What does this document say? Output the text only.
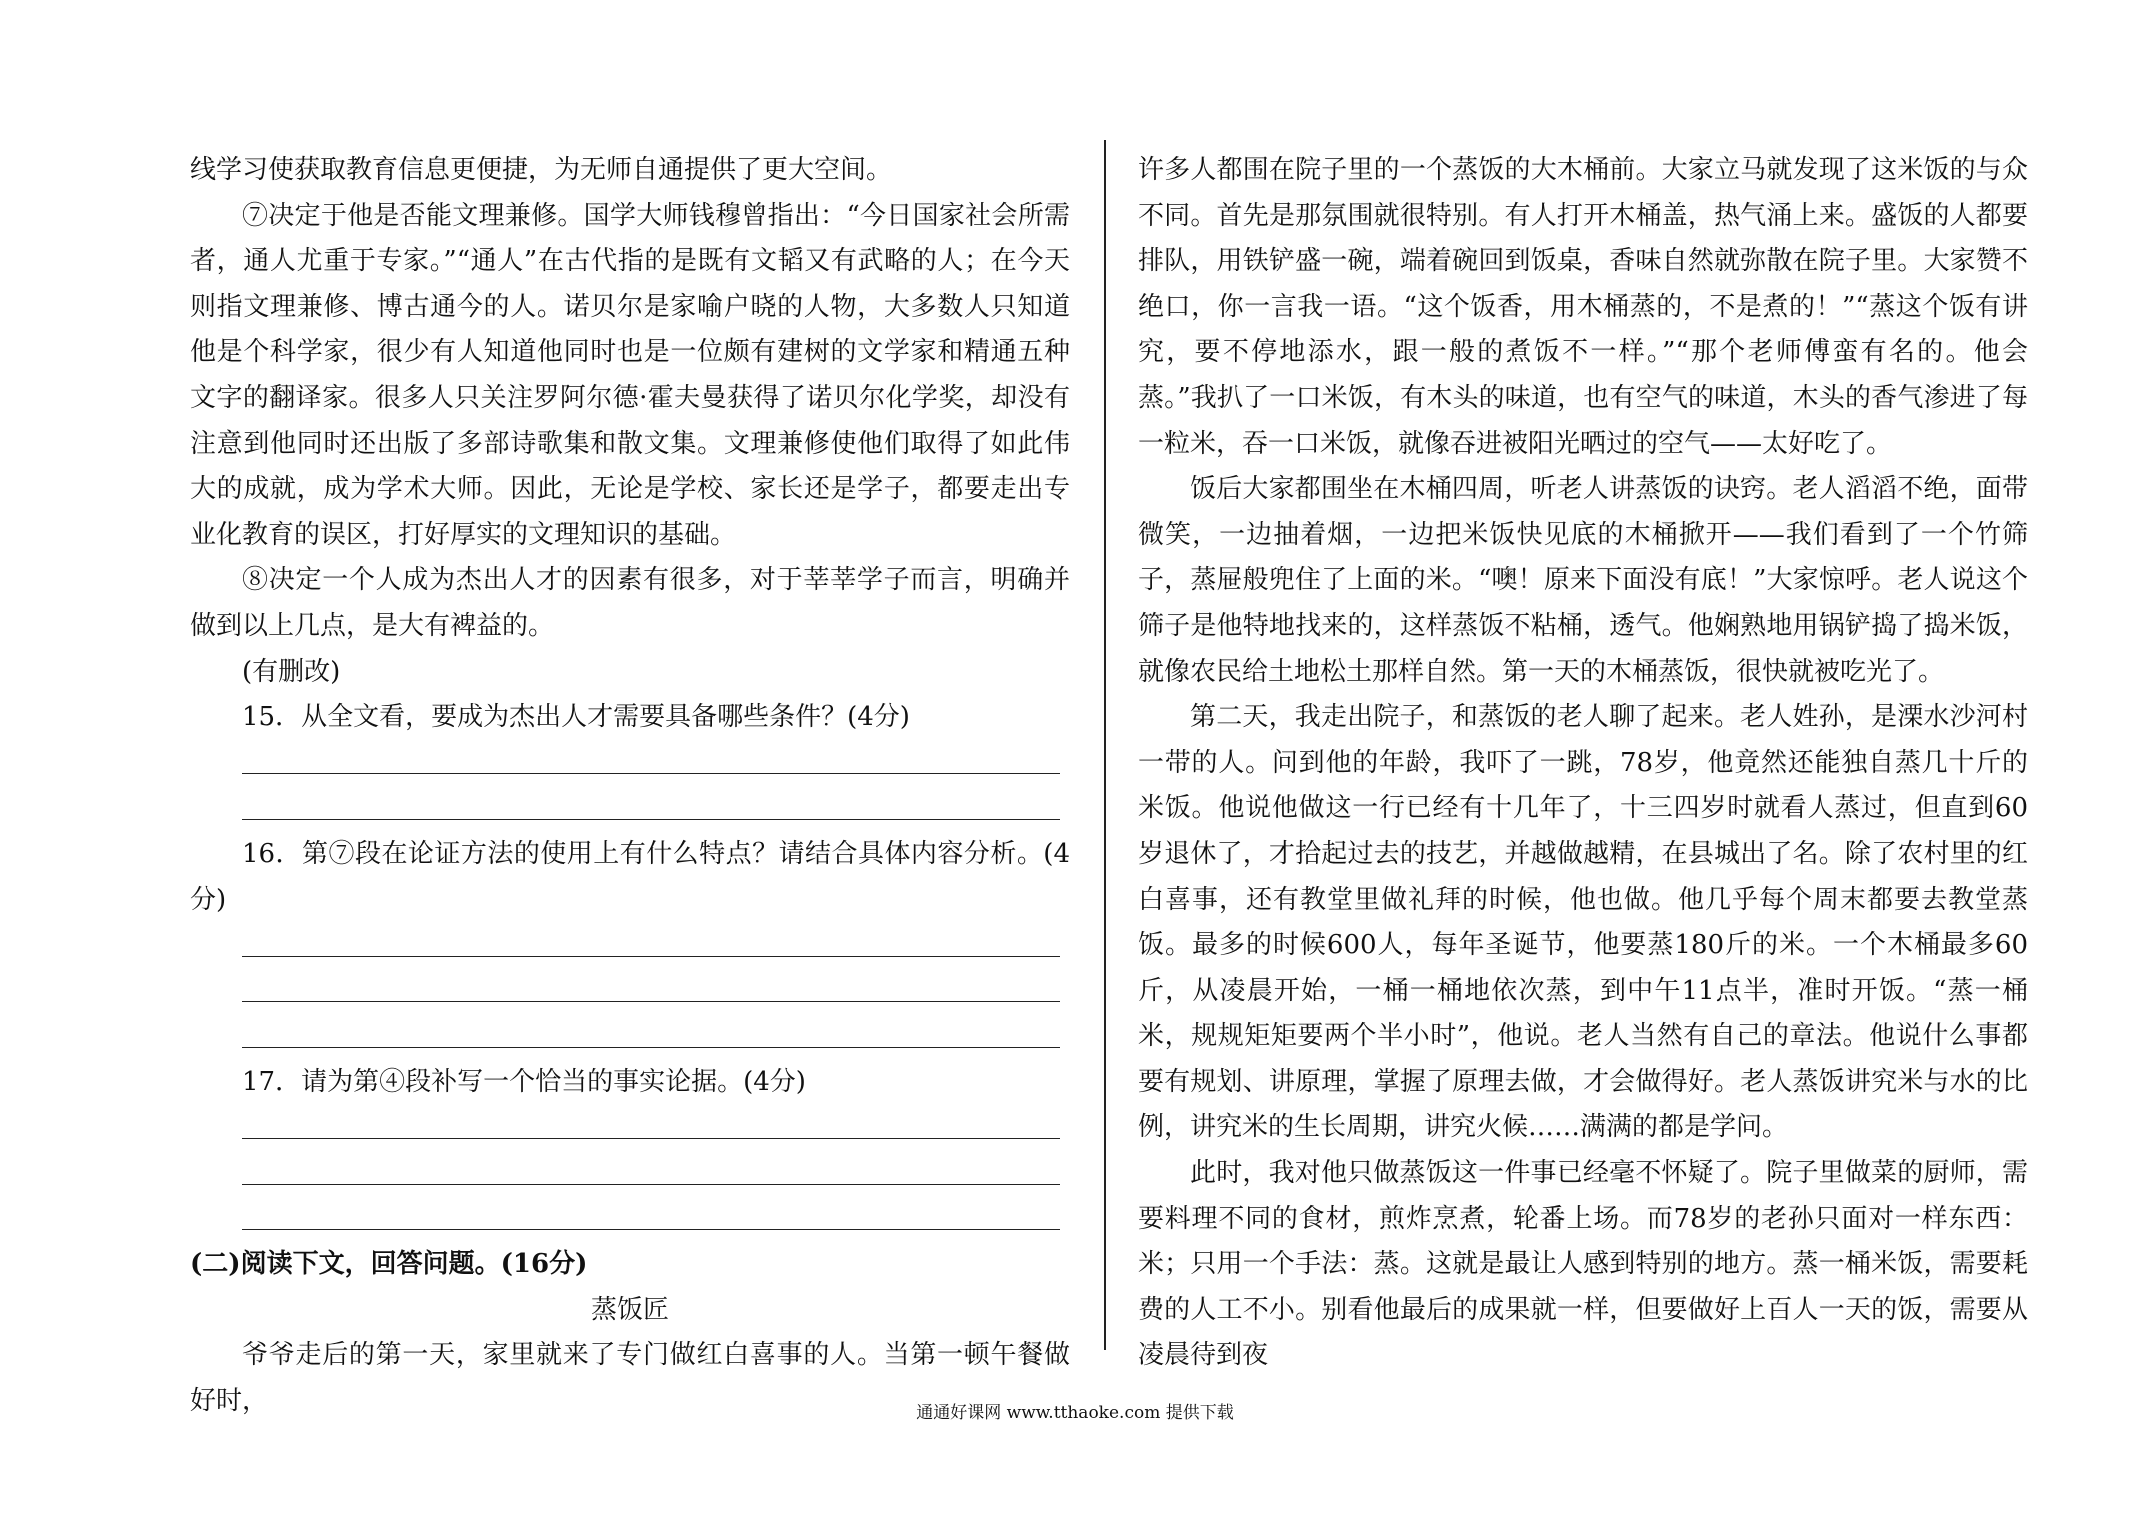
线学习使获取教育信息更便捷，为无师自通提供了更大空间。

⑦决定于他是否能文理兼修。国学大师钱穆曾指出：“今日国家社会所需者，通人尤重于专家。”“通人”在古代指的是既有文韬又有武略的人；在今天则指文理兼修、博古通今的人。诺贝尔是家喻户晓的人物，大多数人只知道他是个科学家，很少有人知道他同时也是一位颇有建树的文学家和精通五种文字的翻译家。很多人只关注罗阿尔德·霍夫曼获得了诺贝尔化学奖，却没有注意到他同时还出版了多部诗歌集和散文集。文理兼修使他们取得了如此伟大的成就，成为学术大师。因此，无论是学校、家长还是学子，都要走出专业化教育的误区，打好厚实的文理知识的基础。

⑧决定一个人成为杰出人才的因素有很多，对于莘莘学子而言，明确并做到以上几点，是大有裨益的。

(有删改)

15．从全文看，要成为杰出人才需要具备哪些条件？(4分)

16．第⑦段在论证方法的使用上有什么特点？请结合具体内容分析。(4分)

17．请为第④段补写一个恰当的事实论据。(4分)

(二)阅读下文，回答问题。(16分)

蒸饭匠

爷爷走后的第一天，家里就来了专门做红白喜事的人。当第一顿午餐做好时，

许多人都围在院子里的一个蒸饭的大木桶前。大家立马就发现了这米饭的与众不同。首先是那氛围就很特别。有人打开木桶盖，热气涌上来。盛饭的人都要排队，用铁铲盛一碗，端着碗回到饭桌，香味自然就弥散在院子里。大家赞不绝口，你一言我一语。“这个饭香，用木桶蒸的，不是煮的！”“蒸这个饭有讲究，要不停地添水，跟一般的煮饭不一样。”“那个老师傅蛮有名的。他会蒸。”我扒了一口米饭，有木头的味道，也有空气的味道，木头的香气渗进了每一粒米，吞一口米饭，就像吞进被阳光晒过的空气——太好吃了。

饭后大家都围坐在木桶四周，听老人讲蒸饭的诀窍。老人滔滔不绝，面带微笑，一边抽着烟，一边把米饭快见底的木桶掀开——我们看到了一个竹筛子，蒸屉般兜住了上面的米。“噢！原来下面没有底！”大家惊呼。老人说这个筛子是他特地找来的，这样蒸饭不粘桶，透气。他娴熟地用锅铲捣了捣米饭，就像农民给土地松土那样自然。第一天的木桶蒸饭，很快就被吃光了。

第二天，我走出院子，和蒸饭的老人聊了起来。老人姓孙，是溧水沙河村一带的人。问到他的年龄，我吓了一跳，78岁，他竟然还能独自蒸几十斤的米饭。他说他做这一行已经有十几年了，十三四岁时就看人蒸过，但直到60岁退休了，才拾起过去的技艺，并越做越精，在县城出了名。除了农村里的红白喜事，还有教堂里做礼拜的时候，他也做。他几乎每个周末都要去教堂蒸饭。最多的时候600人，每年圣诞节，他要蒸180斤的米。一个木桶最多60斤，从凌晨开始，一桶一桶地依次蒸，到中午11点半，准时开饭。“蒸一桶米，规规矩矩要两个半小时”，他说。老人当然有自己的章法。他说什么事都要有规划、讲原理，掌握了原理去做，才会做得好。老人蒸饭讲究米与水的比例，讲究米的生长周期，讲究火候……满满的都是学问。

此时，我对他只做蒸饭这一件事已经毫不怀疑了。院子里做菜的厨师，需要料理不同的食材，煎炸烹煮，轮番上场。而78岁的老孙只面对一样东西：米；只用一个手法：蒸。这就是最让人感到特别的地方。蒸一桶米饭，需要耗费的人工不小。别看他最后的成果就一样，但要做好上百人一天的饭，需要从凌晨待到夜

通通好课网 www.tthaoke.com 提供下载
